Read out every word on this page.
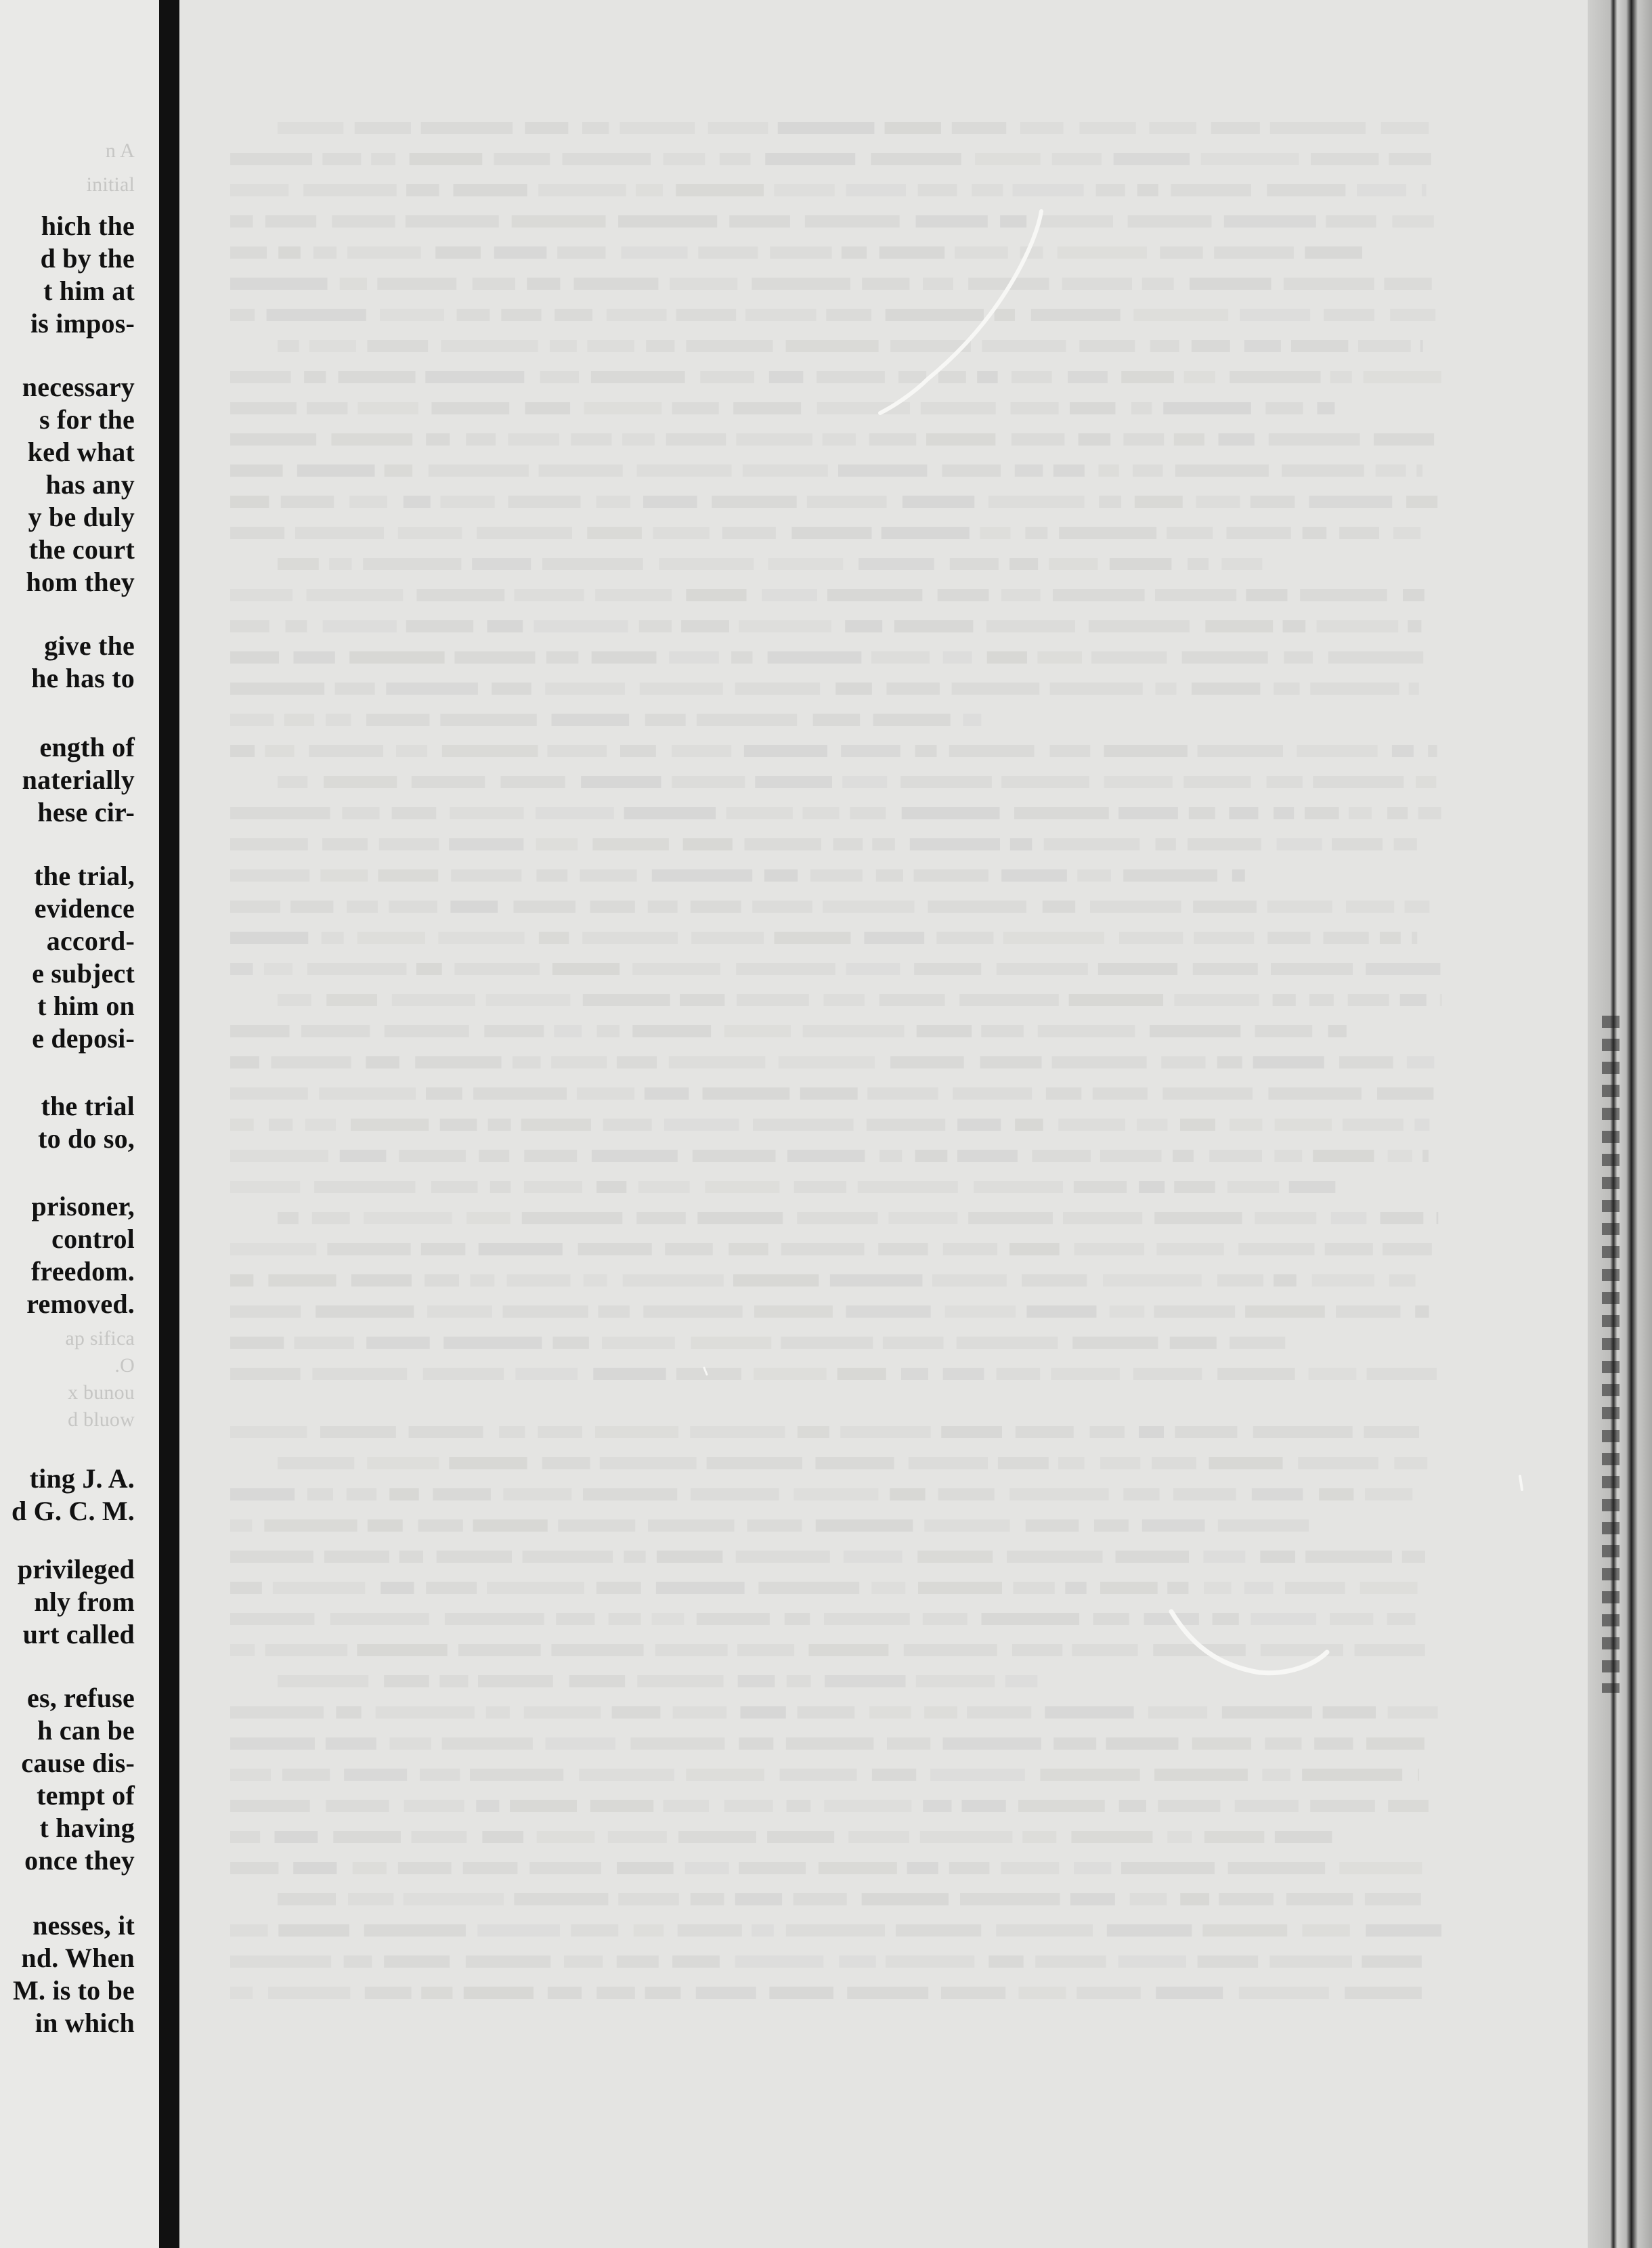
n A
initial
hich the
d by the
t him at
is impos-
necessary
s for the
ked what
has any
y be duly
the court
hom they
give the
he has to
ength of
naterially
hese cir-
the trial,
evidence
accord-
e subject
t him on
e deposi-
the trial
to do so,
prisoner,
control
freedom.
removed.
ap sifica
.O
x bunou
d bluow
ting J. A.
d G. C. M.
privileged
nly from
urt called
es, refuse
h can be
cause dis-
tempt of
t having
once they
nesses, it
nd. When
M. is to be
in which
